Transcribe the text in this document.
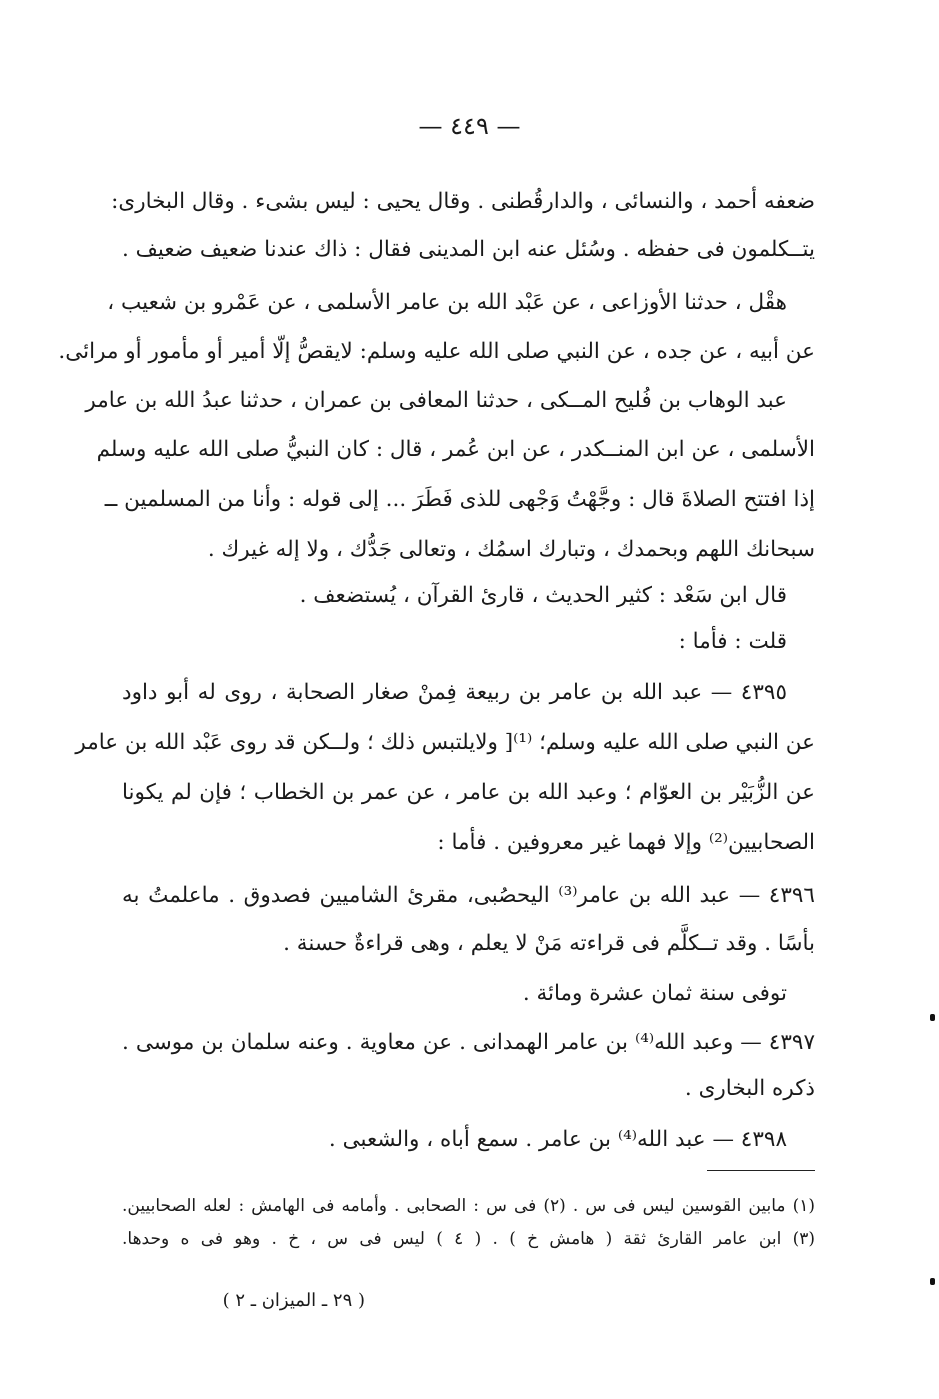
— ٤٤٩ —
ضعفه أحمد ، والنسائى ، والدارقُطنى . وقال يحيى : ليس بشىء . وقال البخارى:
يتــكلمون فى حفظه . وسُئل عنه ابن المدينى فقال : ذاك عندنا ضعيف ضعيف .
هقْل ، حدثنا الأوزاعى ، عن عَبْد الله بن عامر الأسلمى ، عن عَمْرو بن شعيب ،
عن أبيه ، عن جده ، عن النبي صلى الله عليه وسلم: لايقصُّ إلّا أمير أو مأمور أو مرائى.
عبد الوهاب بن فُليح المــكى ، حدثنا المعافى بن عمران ، حدثنا عبدُ الله بن عامر
الأسلمى ، عن ابن المنــكدر ، عن ابن عُمر ، قال : كان النبيُّ صلى الله عليه وسلم
إذا افتتح الصلاةَ قال : وجَّهْتُ وَجْهى للذى فَطَرَ ... إلى قوله : وأنا من المسلمين ــ
سبحانك اللهم وبحمدك ، وتبارك اسمُك ، وتعالى جَدُّك ، ولا إله غيرك .
قال ابن سَعْد : كثير الحديث ، قارئ القرآن ، يُستضعف .
قلت : فأما :
٤٣٩٥ — عبد الله بن عامر بن ربيعة فِمنْ صغار الصحابة ، روى له أبو داود
عن النبي صلى الله عليه وسلم؛ ⁽¹⁾[ ولايلتبس ذلك ؛ ولــكن قد روى عَبْد الله بن عامر
عن الزُّبَيْر بن العوّام ؛ وعبد الله بن عامر ، عن عمر بن الخطاب ؛ فإن لم يكونا
الصحابيين⁽²⁾ وإلا فهما غير معروفين . فأما :
٤٣٩٦ — عبد الله بن عامر⁽³⁾ اليحصُبى، مقرئ الشاميين فصدوق . ماعلمتُ به
بأسًا . وقد تــكلَّم فى قراءته مَنْ لا يعلم ، وهى قراءةٌ حسنة .
توفى سنة ثمان عشرة ومائة .
٤٣٩٧ — وعبد الله⁽⁴⁾ بن عامر الهمدانى . عن معاوية . وعنه سلمان بن موسى .
ذكره البخارى .
٤٣٩٨ — عبد الله⁽⁴⁾ بن عامر . سمع أباه ، والشعبى .
(١) مابين القوسين ليس فى س . (٢) فى س : الصحابى . وأمامه فى الهامش : لعله الصحابيين.
(٣) ابن عامر القارئ ثقة ( هامش خ ) . ( ٤ ) ليس فى س ، خ . وهو فى ه وحدها.
( ٢٩ ـ الميزان ـ ٢ )
